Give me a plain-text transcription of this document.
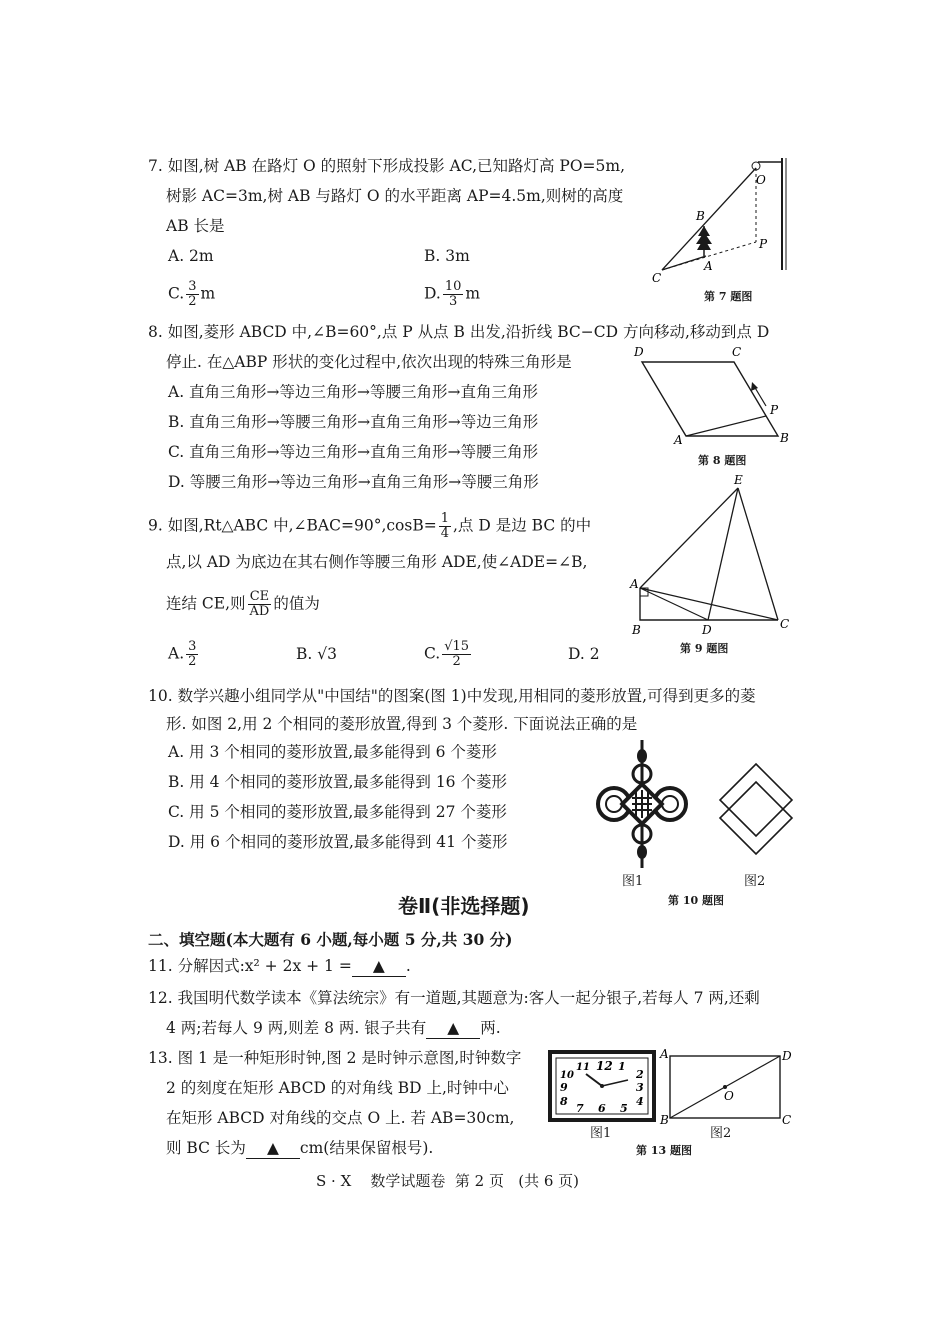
7. 如图,树 AB 在路灯 O 的照射下形成投影 AC,已知路灯高 PO=5m,
树影 AC=3m,树 AB 与路灯 O 的水平距离 AP=4.5m,则树的高度
AB 长是
A. 2m	B. 3m
C. $\frac{3}{2}$ m	D. $\frac{10}{3}$ m
B
O
P
A
C
第 7 题图
8. 如图,菱形 ABCD 中,∠B=60°,点 P 从点 B 出发,沿折线 BC−CD 方向移动,移动到点 D
停止. 在△ABP 形状的变化过程中,依次出现的特殊三角形是
A. 直角三角形→等边三角形→等腰三角形→直角三角形
B. 直角三角形→等腰三角形→直角三角形→等边三角形
C. 直角三角形→等边三角形→直角三角形→等腰三角形
D. 等腰三角形→等边三角形→直角三角形→等腰三角形
D	C
P
A	B
第 8 题图
9. 如图,Rt△ABC 中,∠BAC=90°,cosB= $\frac{1}{4}$ ,点 D 是边 BC 的中
点,以 AD 为底边在其右侧作等腰三角形 ADE,使∠ADE=∠B,
连结 CE,则 $\frac{CE}{AD}$ 的值为
A. $\frac{3}{2}$	B. √3	C. $\frac{√15}{2}$	D. 2
E
A
B	D	C
第 9 题图
10. 数学兴趣小组同学从"中国结"的图案(图 1)中发现,用相同的菱形放置,可得到更多的菱
形. 如图 2,用 2 个相同的菱形放置,得到 3 个菱形. 下面说法正确的是
A. 用 3 个相同的菱形放置,最多能得到 6 个菱形
B. 用 4 个相同的菱形放置,最多能得到 16 个菱形
C. 用 5 个相同的菱形放置,最多能得到 27 个菱形
D. 用 6 个相同的菱形放置,最多能得到 41 个菱形
图1	图2
第 10 题图
卷Ⅱ(非选择题)
二、填空题(本大题有 6 小题,每小题 5 分,共 30 分)
11. 分解因式:x² + 2x + 1 = ▲ .
12. 我国明代数学读本《算法统宗》有一道题,其题意为:客人一起分银子,若每人 7 两,还剩
4 两;若每人 9 两,则差 8 两. 银子共有 ▲ 两.
13. 图 1 是一种矩形时钟,图 2 是时钟示意图,时钟数字
2 的刻度在矩形 ABCD 的对角线 BD 上,时钟中心
在矩形 ABCD 对角线的交点 O 上. 若 AB=30cm,
则 BC 长为 ▲ cm(结果保留根号).
12 1
2
3
4
5
6
7
8
9
10
11
图1
A
B	C
D
O
图2
第 13 题图
S · X    数学试题卷  第 2 页   (共 6 页)
